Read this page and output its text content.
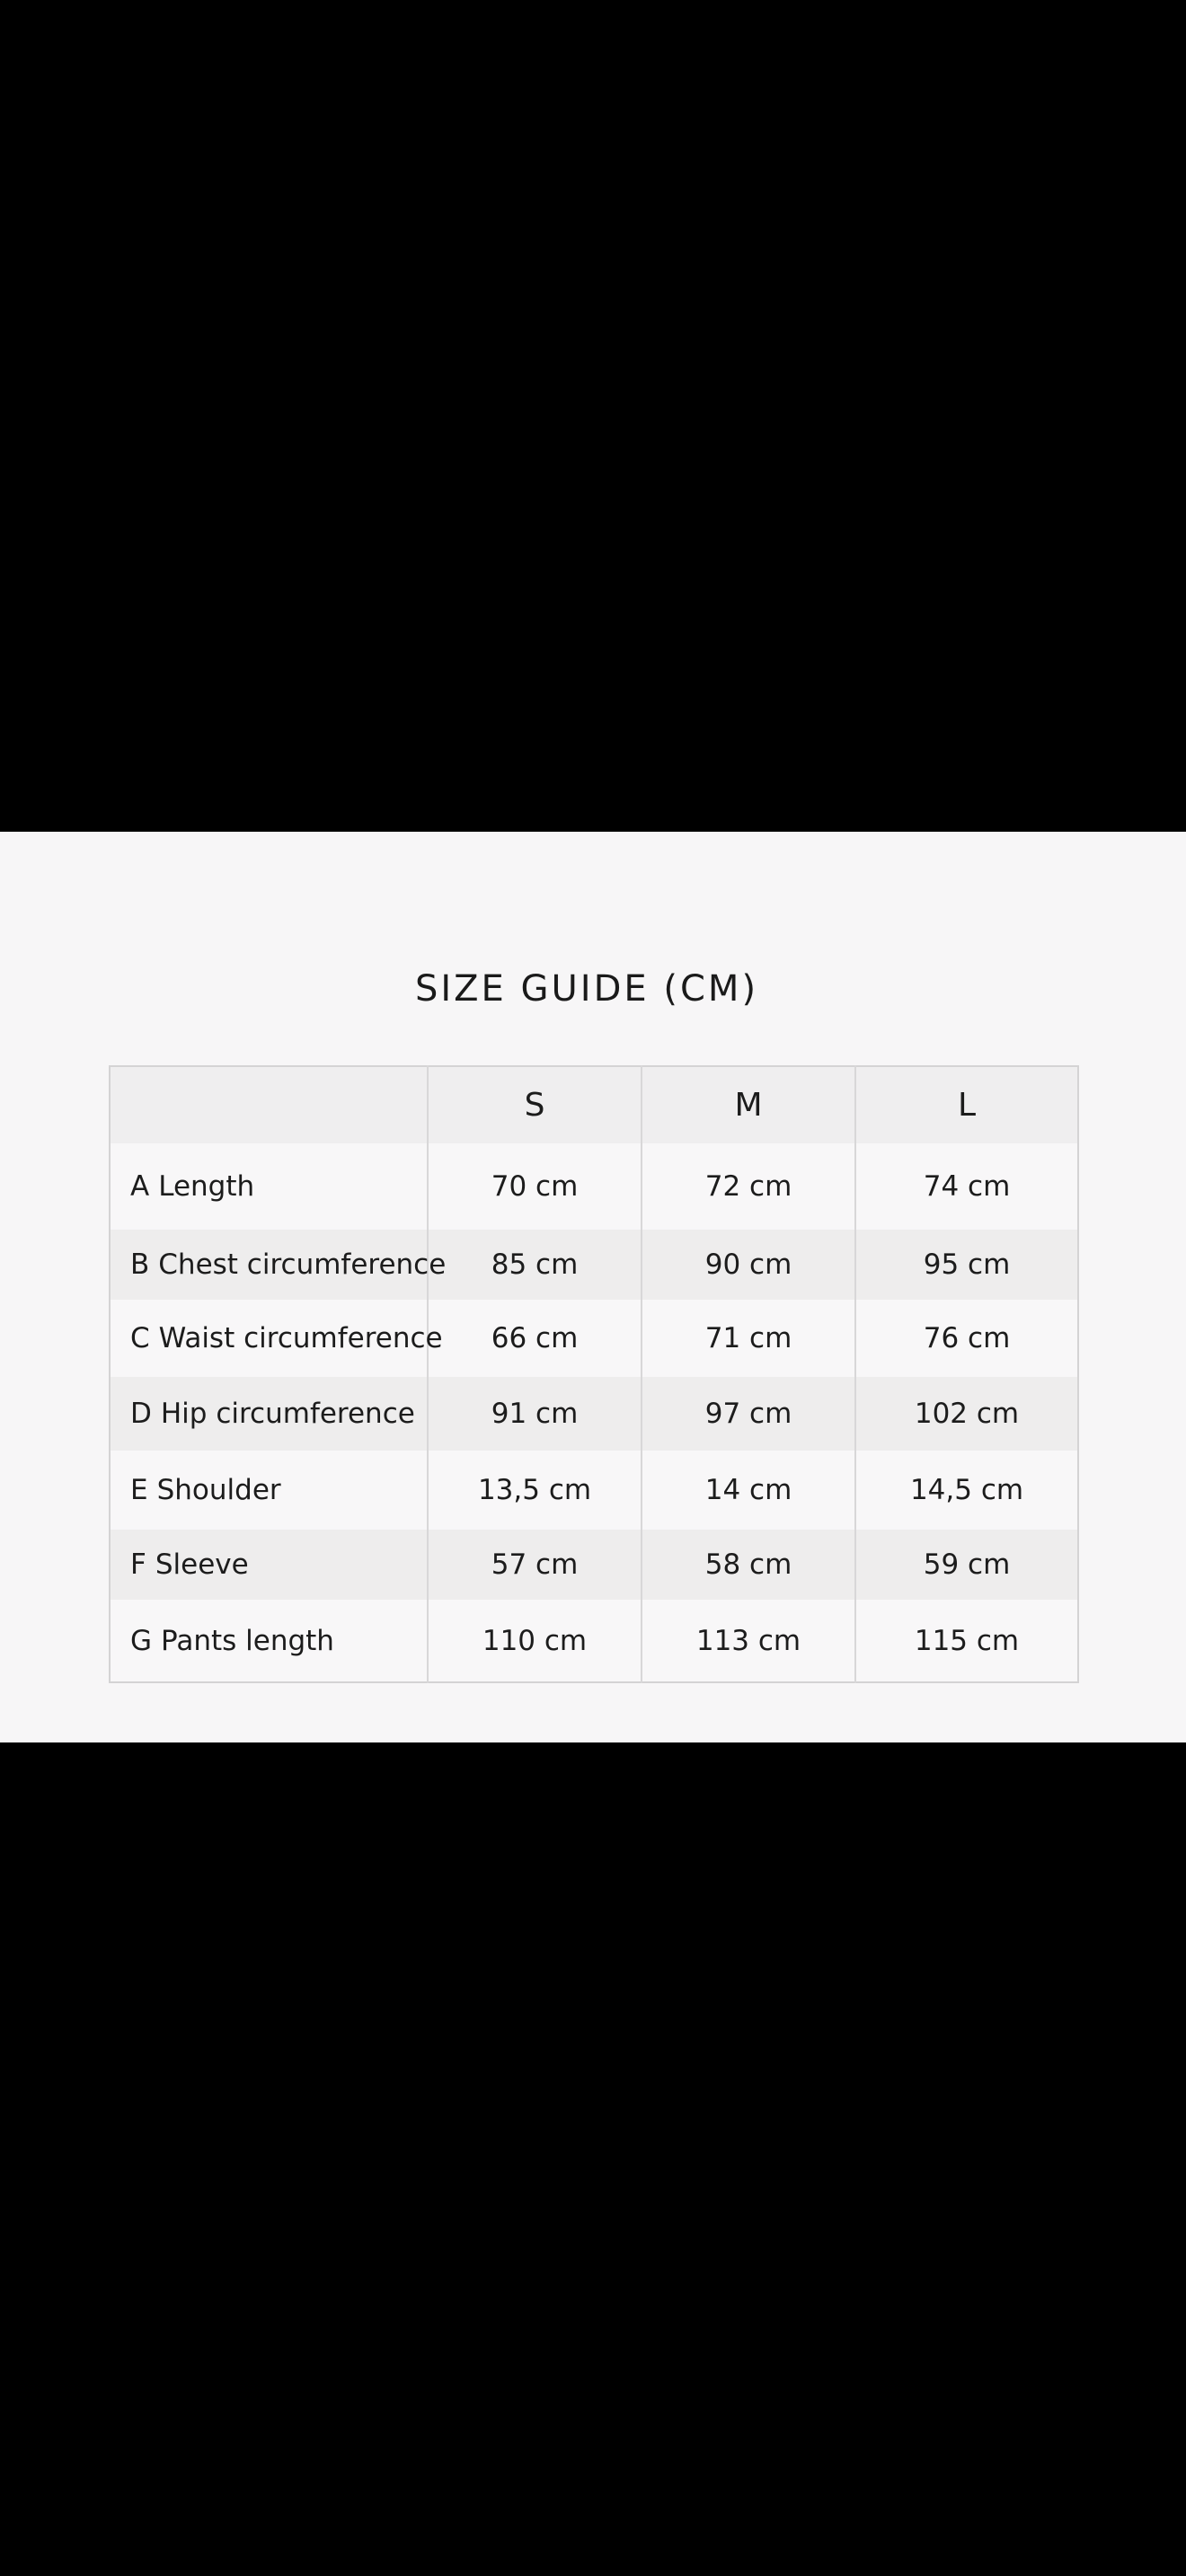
SIZE GUIDE (CM)
	S	M	L
A Length	70 cm	72 cm	74 cm
B Chest circumference	85 cm	90 cm	95 cm
C Waist circumference	66 cm	71 cm	76 cm
D Hip circumference	91 cm	97 cm	102 cm
E Shoulder	13,5 cm	14 cm	14,5 cm
F Sleeve	57 cm	58 cm	59 cm
G Pants length	110 cm	113 cm	115 cm
